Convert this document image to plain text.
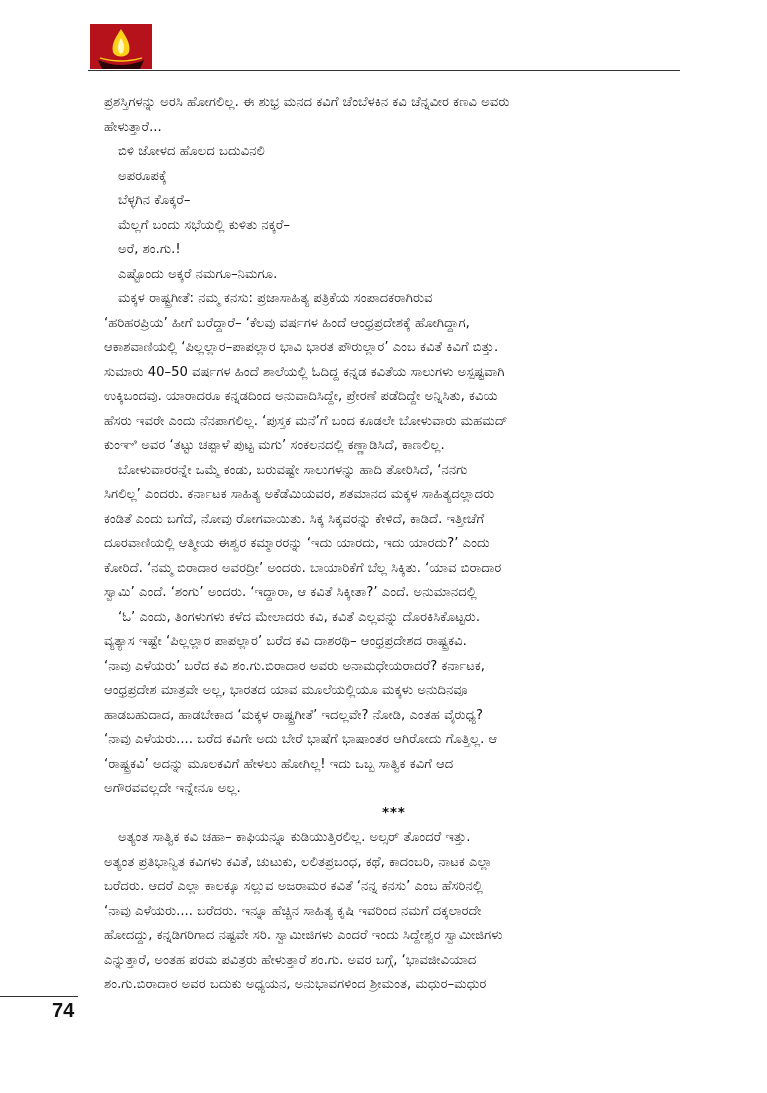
ಪ್ರಶಸ್ತಿಗಳನ್ನು ಅರಸಿ ಹೋಗಲಿಲ್ಲ. ಈ ಶುಭ್ರ ಮನದ ಕವಿಗೆ ಚೆಂಬೆಳಕಿನ ಕವಿ ಚೆನ್ನವೀರ ಕಣವಿ ಅವರು

ಹೇಳುತ್ತಾರೆ...

ಬಿಳಿ ಜೋಳದ ಹೊಲದ ಬದುವಿನಲಿ

ಅಪರೂಪಕ್ಕೆ

ಬೆಳ್ಳಗಿನ ಕೊಕ್ಕರೆ–

ಮೆಲ್ಲಗೆ ಬಂದು ಸಭೆಯಲ್ಲಿ ಕುಳಿತು ನಕ್ಕರೆ–

ಅರೆ, ಶಂ.ಗು.!

ಎಷ್ಟೊಂದು ಅಕ್ಕರೆ ನಮಗೂ–ನಿಮಗೂ.

ಮಕ್ಕಳ ರಾಷ್ಟ್ರಗೀತೆ: ನಮ್ಮ ಕನಸು: ಪ್ರಜಾಸಾಹಿತ್ಯ ಪತ್ರಿಕೆಯ ಸಂಪಾದಕರಾಗಿರುವ

‘ಹರಿಹರಪ್ರಿಯ’ ಹೀಗೆ ಬರೆದ್ದಾರೆ– ‘ಕೆಲವು ವರ್ಷಗಳ ಹಿಂದೆ ಆಂಧ್ರಪ್ರದೇಶಕ್ಕೆ ಹೋಗಿದ್ದಾಗ,

ಆಕಾಶವಾಣಿಯಲ್ಲಿ ‘ಪಿಲ್ಲಲ್ಲಾರ–ಪಾಪಲ್ಲಾರ ಭಾವಿ ಭಾರತ ಪೌರುಲ್ಲಾರ’ ಎಂಬ ಕವಿತೆ ಕಿವಿಗೆ ಬಿತ್ತು.

ಸುಮಾರು 40–50 ವರ್ಷಗಳ ಹಿಂದೆ ಶಾಲೆಯಲ್ಲಿ ಓದಿದ್ದ ಕನ್ನಡ ಕವಿತೆಯ ಸಾಲುಗಳು ಅಸ್ಪಷ್ಟವಾಗಿ

ಉಕ್ಕಿಬಂದವು. ಯಾರಾದರೂ ಕನ್ನಡದಿಂದ ಅನುವಾದಿಸಿದ್ದೇ, ಪ್ರೇರಣೆ ಪಡೆದಿದ್ದೇ ಅನ್ನಿಸಿತು, ಕವಿಯ

ಹೆಸರು ಇವರೇ ಎಂದು ನೆನಪಾಗಲಿಲ್ಲ. ‘ಪುಸ್ತಕ ಮನೆ’ಗೆ ಬಂದ ಕೂಡಲೇ ಬೋಳುವಾರು ಮಹಮದ್

ಕುಂಞಿ ಅವರ ‘ತಟ್ಟು ಚಪ್ಪಾಳೆ ಪುಟ್ಟ ಮಗು’ ಸಂಕಲನದಲ್ಲಿ ಕಣ್ಣಾಡಿಸಿದೆ, ಕಾಣಲಿಲ್ಲ.

ಬೋಳುವಾರರನ್ನೇ ಒಮ್ಮೆ ಕಂಡು, ಬರುವಷ್ಟೇ ಸಾಲುಗಳನ್ನು ಹಾದಿ ತೋರಿಸಿದೆ, ‘ನನಗು

ಸಿಗಲಿಲ್ಲ’ ಎಂದರು. ಕರ್ನಾಟಕ ಸಾಹಿತ್ಯ ಅಕೆಡೆಮಿಯವರ, ಶತಮಾನದ ಮಕ್ಕಳ ಸಾಹಿತ್ಯದಲ್ಲಾದರು

ಕಂಡಿತೆ ಎಂದು ಬಗೆದೆ, ನೋವು ರೋಗವಾಯಿತು. ಸಿಕ್ಕ ಸಿಕ್ಕವರನ್ನು ಕೇಳಿದೆ, ಕಾಡಿದೆ. ಇತ್ತೀಚೆಗೆ

ದೂರವಾಣಿಯಲ್ಲಿ ಆತ್ಮೀಯ ಈಶ್ವರ ಕಮ್ಮಾರರನ್ನು ‘ಇದು ಯಾರದು, ಇದು ಯಾರದು?’ ಎಂದು

ಕೋರಿದೆ. ‘ನಮ್ಮ ಬಿರಾದಾರ ಅವರದ್ರೀ’ ಅಂದರು. ಬಾಯಾರಿಕೆಗೆ ಬೆಲ್ಲ ಸಿಕ್ಕಿತು. ‘ಯಾವ ಬಿರಾದಾರ

ಸ್ವಾಮಿ’ ಎಂದೆ. ‘ಶಂಗು’ ಅಂದರು. ‘ಇದ್ದಾರಾ, ಆ ಕವಿತೆ ಸಿಕ್ಕೀತಾ?’ ಎಂದೆ. ಅನುಮಾನದಲ್ಲಿ

‘ಓ’ ಎಂದು, ತಿಂಗಳುಗಳು ಕಳೆದ ಮೇಲಾದರು ಕವಿ, ಕವಿತೆ ಎಲ್ಲವನ್ನು ದೊರಕಿಸಿಕೊಟ್ಟರು.

ವ್ಯತ್ಯಾಸ ಇಷ್ಟೇ ‘ಪಿಲ್ಲಲ್ಲಾರ ಪಾಪಲ್ಲಾರ’ ಬರೆದ ಕವಿ ದಾಶರಥಿ– ಆಂಧ್ರಪ್ರದೇಶದ ರಾಷ್ಟ್ರಕವಿ.

‘ನಾವು ಎಳೆಯರು’ ಬರೆದ ಕವಿ ಶಂ.ಗು.ಬಿರಾದಾರ ಅವರು ಅನಾಮಧೇಯರಾದರೆ? ಕರ್ನಾಟಕ,

ಆಂಧ್ರಪ್ರದೇಶ ಮಾತ್ರವೇ ಅಲ್ಲ, ಭಾರತದ ಯಾವ ಮೂಲೆಯಲ್ಲಿಯೂ ಮಕ್ಕಳು ಅನುದಿನವೂ

ಹಾಡಬಹುದಾದ, ಹಾಡಬೇಕಾದ ‘ಮಕ್ಕಳ ರಾಷ್ಟ್ರಗೀತೆ’ ಇದಲ್ಲವೇ? ನೋಡಿ, ಎಂತಹ ವೈರುಧ್ಯ?

‘ನಾವು ಎಳೆಯರು.... ಬರೆದ ಕವಿಗೇ ಅದು ಬೇರೆ ಭಾಷೆಗೆ ಭಾಷಾಂತರ ಆಗಿರೋದು ಗೊತ್ತಿಲ್ಲ. ಆ

‘ರಾಷ್ಟ್ರಕವಿ’ ಅದನ್ನು ಮೂಲಕವಿಗೆ ಹೇಳಲು ಹೋಗಿಲ್ಲ! ಇದು ಒಬ್ಬ ಸಾತ್ವಿಕ ಕವಿಗೆ ಆದ

ಅಗೌರವವಲ್ಲದೇ ಇನ್ನೇನೂ ಅಲ್ಲ.

***

ಅತ್ಯಂತ ಸಾತ್ವಿಕ ಕವಿ ಚಹಾ– ಕಾಫಿಯನ್ನೂ ಕುಡಿಯುತ್ತಿರಲಿಲ್ಲ. ಅಲ್ಸರ್ ತೊಂದರೆ ಇತ್ತು.

ಅತ್ಯಂತ ಪ್ರತಿಭಾನ್ವಿತ ಕವಿಗಳು ಕವಿತೆ, ಚುಟುಕು, ಲಲಿತಪ್ರಬಂಧ, ಕಥೆ, ಕಾದಂಬರಿ, ನಾಟಕ ಎಲ್ಲಾ

ಬರೆದರು. ಆದರೆ ಎಲ್ಲಾ ಕಾಲಕ್ಕೂ ಸಲ್ಲುವ ಅಜರಾಮರ ಕವಿತೆ ‘ನನ್ನ ಕನಸು’ ಎಂಬ ಹೆಸರಿನಲ್ಲಿ

‘ನಾವು ಎಳೆಯರು.... ಬರೆದರು. ಇನ್ನೂ ಹೆಚ್ಚಿನ ಸಾಹಿತ್ಯ ಕೃಷಿ ಇವರಿಂದ ನಮಗೆ ದಕ್ಕಲಾರದೇ

ಹೋದದ್ದು, ಕನ್ನಡಿಗರಿಗಾದ ನಷ್ಟವೇ ಸರಿ. ಸ್ವಾಮೀಜಿಗಳು ಎಂದರೆ ಇಂದು ಸಿದ್ದೇಶ್ವರ ಸ್ವಾಮೀಜಿಗಳು

ಎನ್ನುತ್ತಾರೆ, ಅಂತಹ ಪರಮ ಪವಿತ್ರರು ಹೇಳುತ್ತಾರೆ ಶಂ.ಗು. ಅವರ ಬಗ್ಗೆ, ‘ಭಾವಜೀವಿಯಾದ

ಶಂ.ಗು.ಬಿರಾದಾರ ಅವರ ಬದುಕು ಅಧ್ಯಯನ, ಅನುಭಾವಗಳಿಂದ ಶ್ರೀಮಂತ, ಮಧುರ–ಮಧುರ

74
